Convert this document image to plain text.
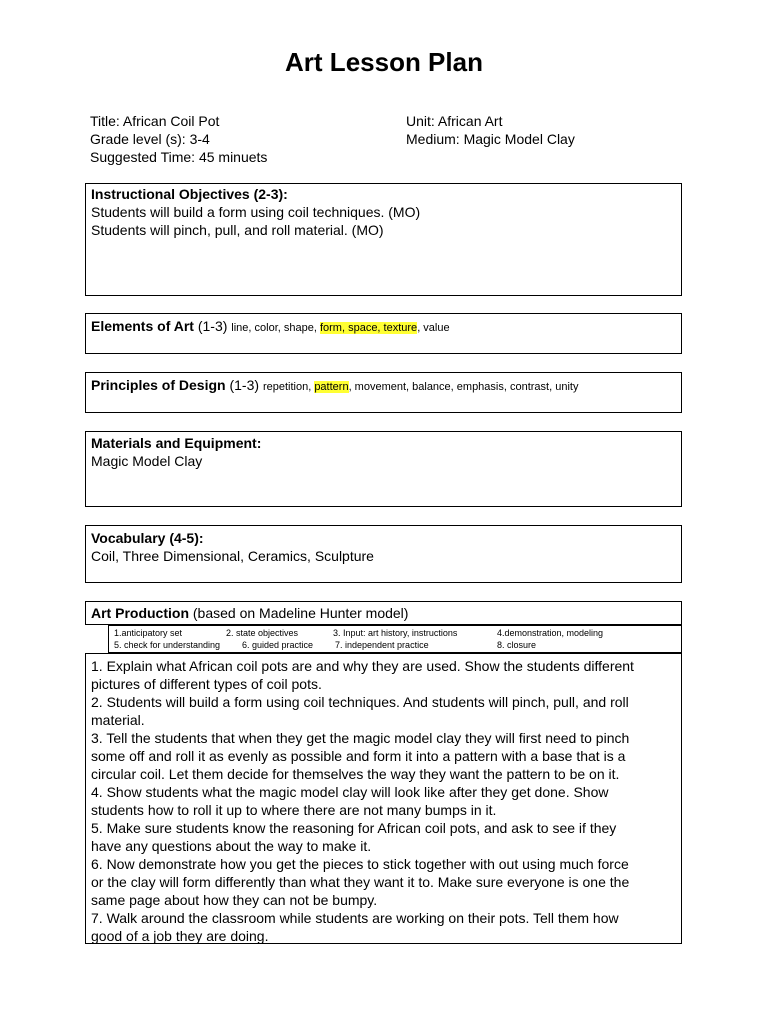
Art Lesson Plan
Title: African Coil Pot
Grade level (s): 3-4
Suggested Time: 45 minuets
Unit: African Art
Medium: Magic Model Clay
Instructional Objectives (2-3):
Students will build a form using coil techniques. (MO)
Students will pinch, pull, and roll material. (MO)
Elements of Art (1-3) line, color, shape, form, space, texture, value
Principles of Design (1-3) repetition, pattern, movement, balance, emphasis, contrast, unity
Materials and Equipment:
Magic Model Clay
Vocabulary (4-5):
Coil, Three Dimensional, Ceramics, Sculpture
Art Production (based on Madeline Hunter model)
1.anticipatory set	2. state objectives	3. Input: art history, instructions	4.demonstration, modeling
5. check for understanding 6. guided practice 7. independent practice	8. closure
1. Explain what African coil pots are and why they are used. Show the students different
pictures of different types of coil pots.
2. Students will build a form using coil techniques. And students will pinch, pull, and roll
material.
3. Tell the students that when they get the magic model clay they will first need to pinch
some off and roll it as evenly as possible and form it into a pattern with a base that is a
circular coil. Let them decide for themselves the way they want the pattern to be on it.
4. Show students what the magic model clay will look like after they get done. Show
students how to roll it up to where there are not many bumps in it.
5. Make sure students know the reasoning for African coil pots, and ask to see if they
have any questions about the way to make it.
6. Now demonstrate how you get the pieces to stick together with out using much force
or the clay will form differently than what they want it to. Make sure everyone is one the
same page about how they can not be bumpy.
7. Walk around the classroom while students are working on their pots. Tell them how
good of a job they are doing.
